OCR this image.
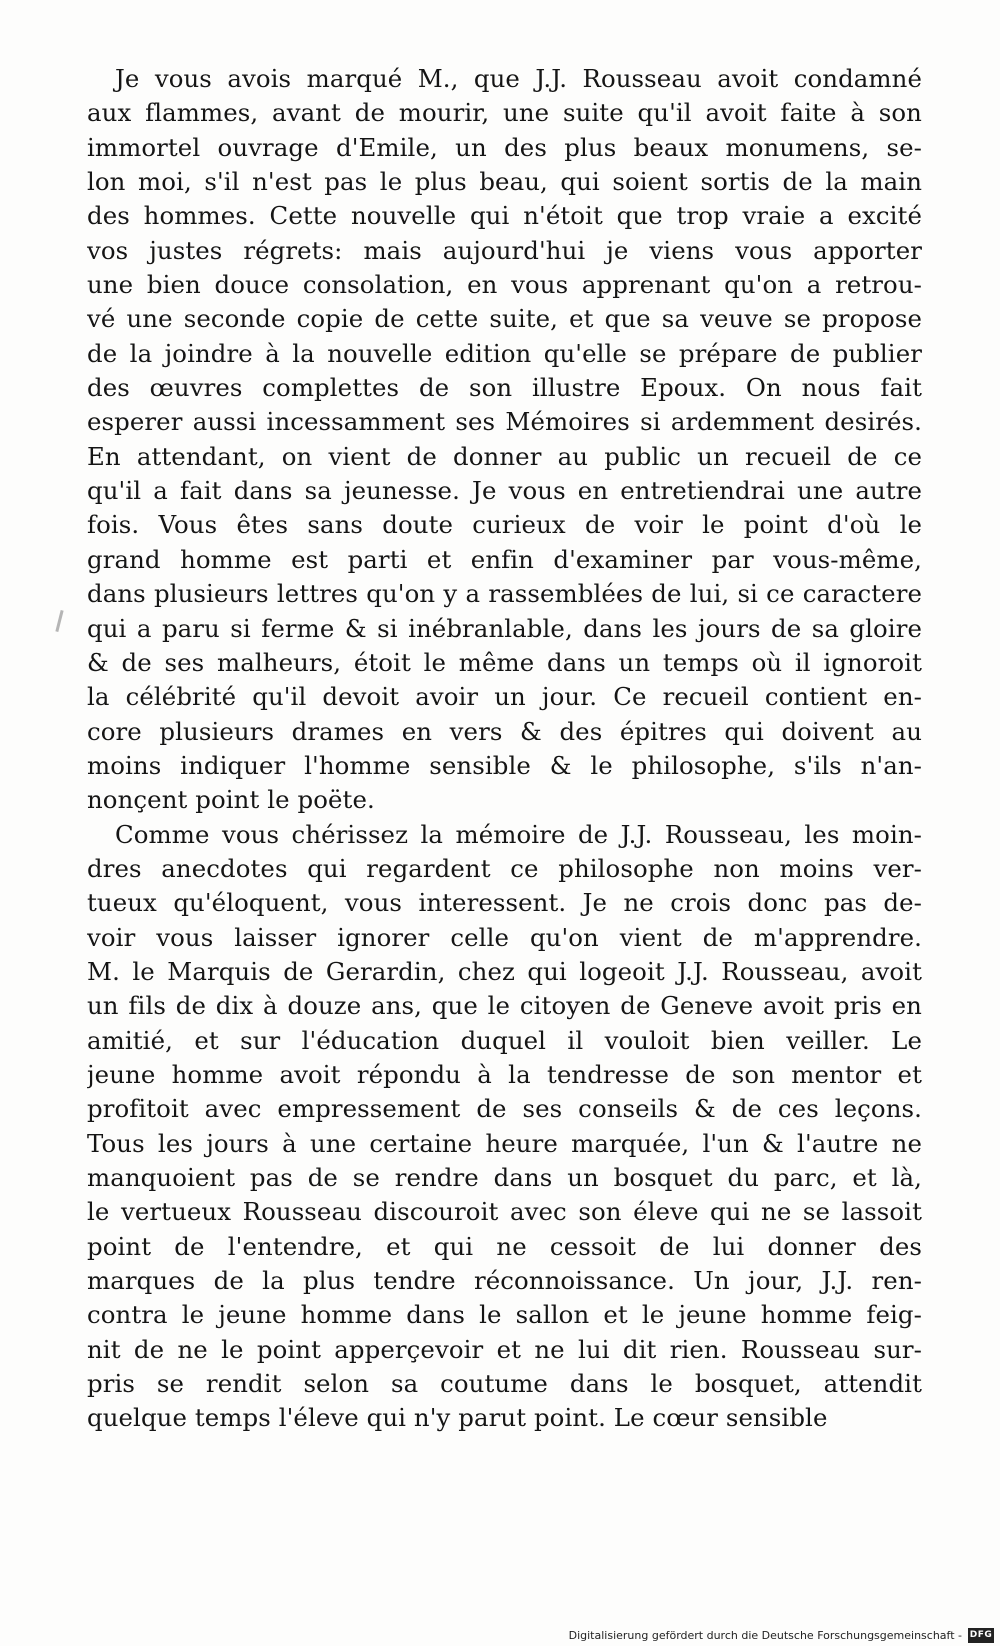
Je vous avois marqué M., que J.J. Rousseau avoit condamné
aux flammes, avant de mourir, une suite qu'il avoit faite à son
immortel ouvrage d'Emile, un des plus beaux monumens, se-
lon moi, s'il n'est pas le plus beau, qui soient sortis de la main
des hommes. Cette nouvelle qui n'étoit que trop vraie a excité
vos justes régrets: mais aujourd'hui je viens vous apporter
une bien douce consolation, en vous apprenant qu'on a retrou-
vé une seconde copie de cette suite, et que sa veuve se propose
de la joindre à la nouvelle edition qu'elle se prépare de publier
des œuvres complettes de son illustre Epoux. On nous fait
esperer aussi incessamment ses Mémoires si ardemment desirés.
En attendant, on vient de donner au public un recueil de ce
qu'il a fait dans sa jeunesse. Je vous en entretiendrai une autre
fois. Vous êtes sans doute curieux de voir le point d'où le
grand homme est parti et enfin d'examiner par vous-même,
dans plusieurs lettres qu'on y a rassemblées de lui, si ce caractere
qui a paru si ferme & si inébranlable, dans les jours de sa gloire
& de ses malheurs, étoit le même dans un temps où il ignoroit
la célébrité qu'il devoit avoir un jour. Ce recueil contient en-
core plusieurs drames en vers & des épitres qui doivent au
moins indiquer l'homme sensible & le philosophe, s'ils n'an-
nonçent point le poëte.
Comme vous chérissez la mémoire de J.J. Rousseau, les moin-
dres anecdotes qui regardent ce philosophe non moins ver-
tueux qu'éloquent, vous interessent. Je ne crois donc pas de-
voir vous laisser ignorer celle qu'on vient de m'apprendre.
M. le Marquis de Gerardin, chez qui logeoit J.J. Rousseau, avoit
un fils de dix à douze ans, que le citoyen de Geneve avoit pris en
amitié, et sur l'éducation duquel il vouloit bien veiller. Le
jeune homme avoit répondu à la tendresse de son mentor et
profitoit avec empressement de ses conseils & de ces leçons.
Tous les jours à une certaine heure marquée, l'un & l'autre ne
manquoient pas de se rendre dans un bosquet du parc, et là,
le vertueux Rousseau discouroit avec son éleve qui ne se lassoit
point de l'entendre, et qui ne cessoit de lui donner des
marques de la plus tendre réconnoissance. Un jour, J.J. ren-
contra le jeune homme dans le sallon et le jeune homme feig-
nit de ne le point apperçevoir et ne lui dit rien. Rousseau sur-
pris se rendit selon sa coutume dans le bosquet, attendit
quelque temps l'éleve qui n'y parut point. Le cœur sensible
Digitalisierung gefördert durch die Deutsche Forschungsgemeinschaft - DFG
